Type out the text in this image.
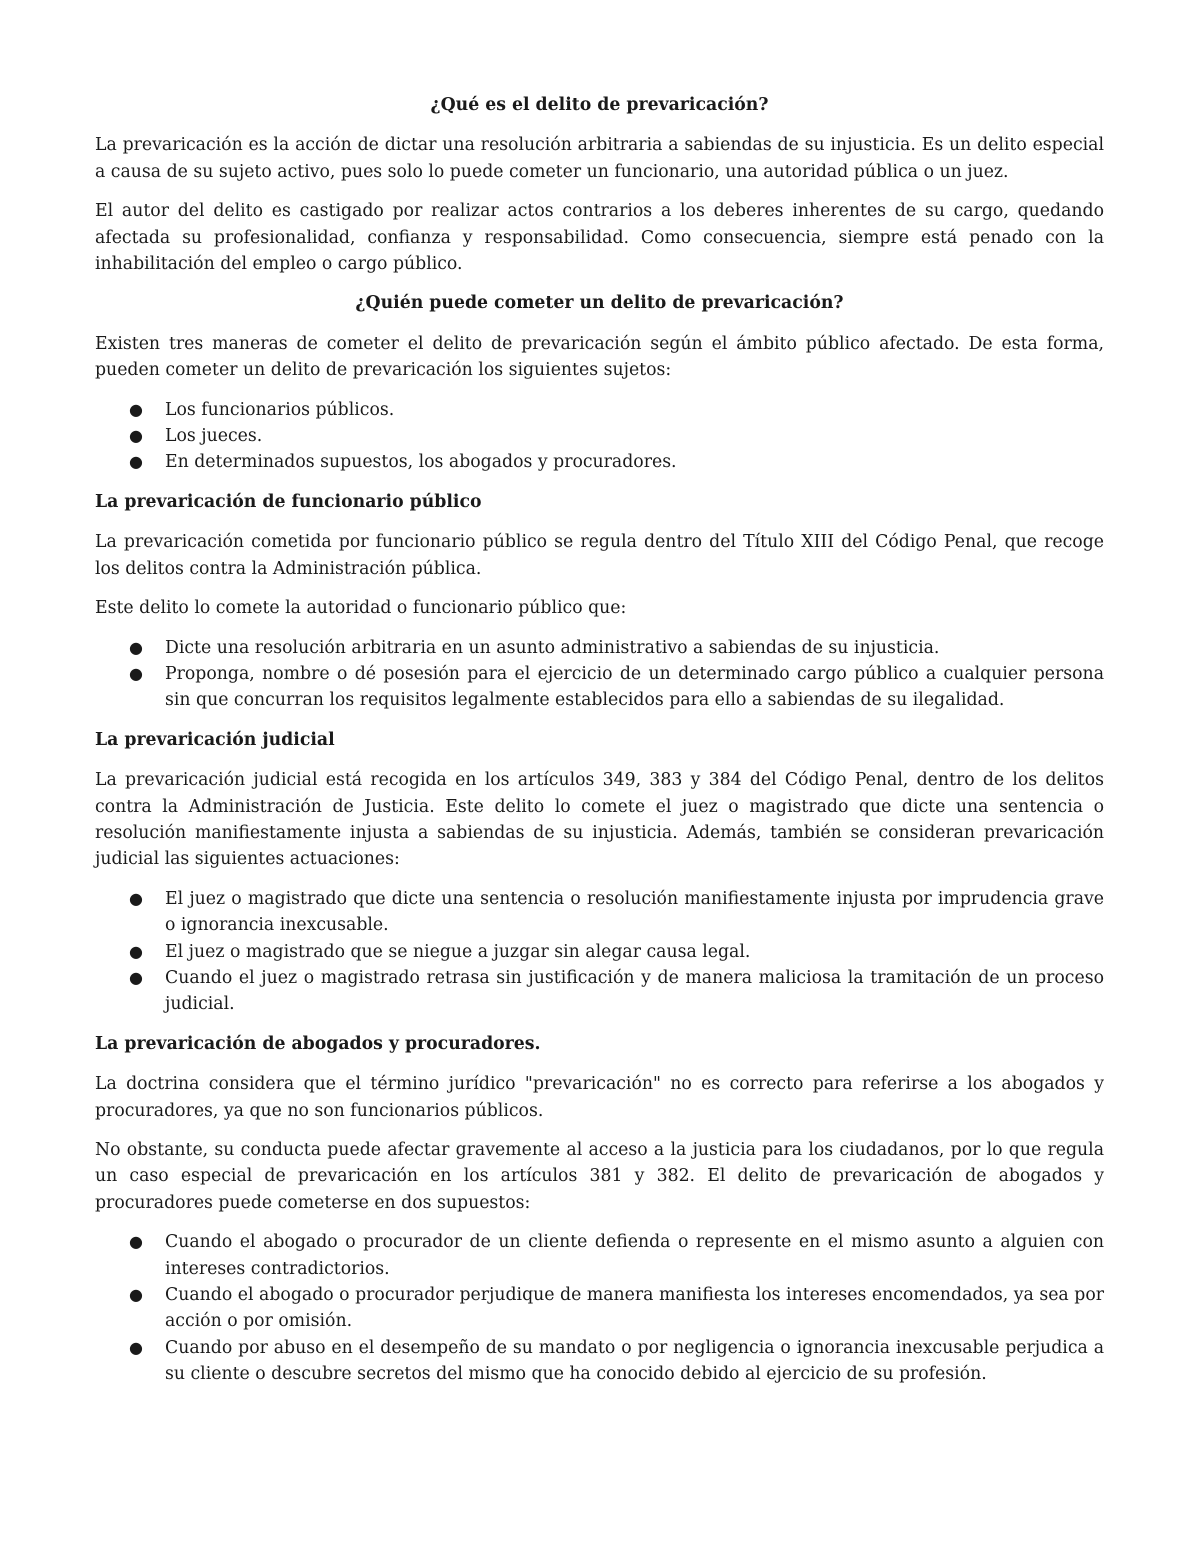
¿Qué es el delito de prevaricación?

La prevaricación es la acción de dictar una resolución arbitraria a sabiendas de su injusticia. Es un delito especial a causa de su sujeto activo, pues solo lo puede cometer un funcionario, una autoridad pública o un juez.

El autor del delito es castigado por realizar actos contrarios a los deberes inherentes de su cargo, quedando afectada su profesionalidad, confianza y responsabilidad. Como consecuencia, siempre está penado con la inhabilitación del empleo o cargo público.

¿Quién puede cometer un delito de prevaricación?

Existen tres maneras de cometer el delito de prevaricación según el ámbito público afectado. De esta forma, pueden cometer un delito de prevaricación los siguientes sujetos:

● Los funcionarios públicos.
● Los jueces.
● En determinados supuestos, los abogados y procuradores.
La prevaricación de funcionario público

La prevaricación cometida por funcionario público se regula dentro del Título XIII del Código Penal, que recoge los delitos contra la Administración pública.

Este delito lo comete la autoridad o funcionario público que:

● Dicte una resolución arbitraria en un asunto administrativo a sabiendas de su injusticia.
● Proponga, nombre o dé posesión para el ejercicio de un determinado cargo público a cualquier persona sin que concurran los requisitos legalmente establecidos para ello a sabiendas de su ilegalidad.
La prevaricación judicial

La prevaricación judicial está recogida en los artículos 349, 383 y 384 del Código Penal, dentro de los delitos contra la Administración de Justicia. Este delito lo comete el juez o magistrado que dicte una sentencia o resolución manifiestamente injusta a sabiendas de su injusticia. Además, también se consideran prevaricación judicial las siguientes actuaciones:

● El juez o magistrado que dicte una sentencia o resolución manifiestamente injusta por imprudencia grave o ignorancia inexcusable.
● El juez o magistrado que se niegue a juzgar sin alegar causa legal.
● Cuando el juez o magistrado retrasa sin justificación y de manera maliciosa la tramitación de un proceso judicial.
La prevaricación de abogados y procuradores.

La doctrina considera que el término jurídico "prevaricación" no es correcto para referirse a los abogados y procuradores, ya que no son funcionarios públicos.

No obstante, su conducta puede afectar gravemente al acceso a la justicia para los ciudadanos, por lo que regula un caso especial de prevaricación en los artículos 381 y 382. El delito de prevaricación de abogados y procuradores puede cometerse en dos supuestos:

● Cuando el abogado o procurador de un cliente defienda o represente en el mismo asunto a alguien con intereses contradictorios.
● Cuando el abogado o procurador perjudique de manera manifiesta los intereses encomendados, ya sea por acción o por omisión.
● Cuando por abuso en el desempeño de su mandato o por negligencia o ignorancia inexcusable perjudica a su cliente o descubre secretos del mismo que ha conocido debido al ejercicio de su profesión.
